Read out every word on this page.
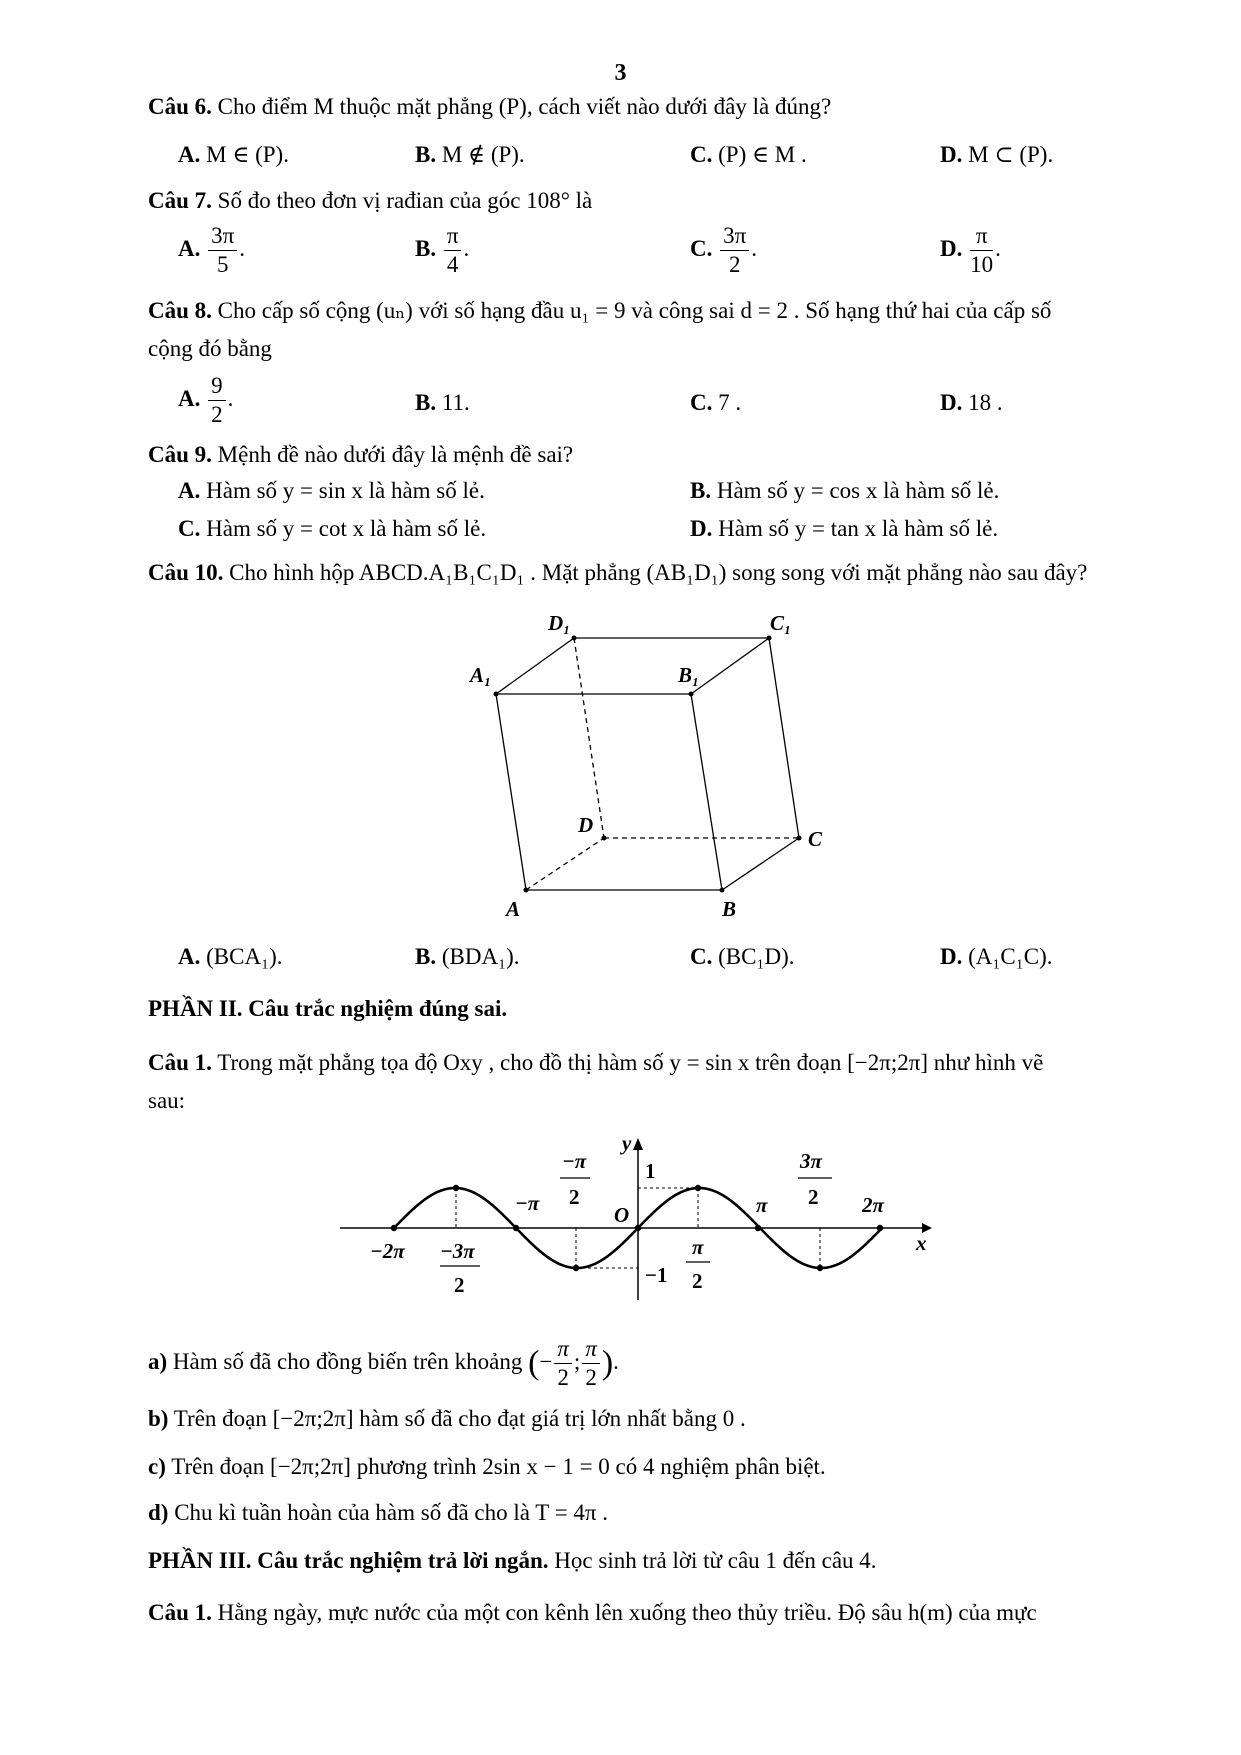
3
Câu 6. Cho điểm M thuộc mặt phẳng (P), cách viết nào dưới đây là đúng?
A. M ∈ (P).	B. M ∉ (P).	C. (P) ∈ M .	D. M ⊂ (P).
Câu 7. Số đo theo đơn vị rađian của góc 108° là
A. $\frac{3\pi}{5}$ .	B. $\frac{\pi}{4}$ .	C. $\frac{3\pi}{2}$ .	D. $\frac{\pi}{10}$ .
Câu 8. Cho cấp số cộng (uₙ) với số hạng đầu u₁ = 9 và công sai d = 2 . Số hạng thứ hai của cấp số
cộng đó bằng
A. $\frac{9}{2}$ .	B. 11.	C. 7 .	D. 18 .
Câu 9. Mệnh đề nào dưới đây là mệnh đề sai?
A. Hàm số y = sin x là hàm số lẻ.	B. Hàm số y = cos x là hàm số lẻ.
C. Hàm số y = cot x là hàm số lẻ.	D. Hàm số y = tan x là hàm số lẻ.
Câu 10. Cho hình hộp ABCD.A₁B₁C₁D₁ . Mặt phẳng (AB₁D₁) song song với mặt phẳng nào sau đây?
D₁	C₁
A₁	B₁
D
C
A	B
A. (BCA₁).	B. (BDA₁).	C. (BC₁D).	D. (A₁C₁C).
PHẦN II. Câu trắc nghiệm đúng sai.
Câu 1. Trong mặt phẳng tọa độ Oxy , cho đồ thị hàm số y = sin x trên đoạn [−2π;2π] như hình vẽ
sau:
y
x
O
1
−1
−2π
−π	π	2π
−3π
2
−π
2
π
2
3π
2
a) Hàm số đã cho đồng biến trên khoảng (− $\frac{\pi}{2}$ ; $\frac{\pi}{2}$ ).
b) Trên đoạn [−2π;2π] hàm số đã cho đạt giá trị lớn nhất bằng 0 .
c) Trên đoạn [−2π;2π] phương trình 2sin x − 1 = 0 có 4 nghiệm phân biệt.
d) Chu kì tuần hoàn của hàm số đã cho là T = 4π .
PHẦN III. Câu trắc nghiệm trả lời ngắn. Học sinh trả lời từ câu 1 đến câu 4.
Câu 1. Hằng ngày, mực nước của một con kênh lên xuống theo thủy triều. Độ sâu h(m) của mực
